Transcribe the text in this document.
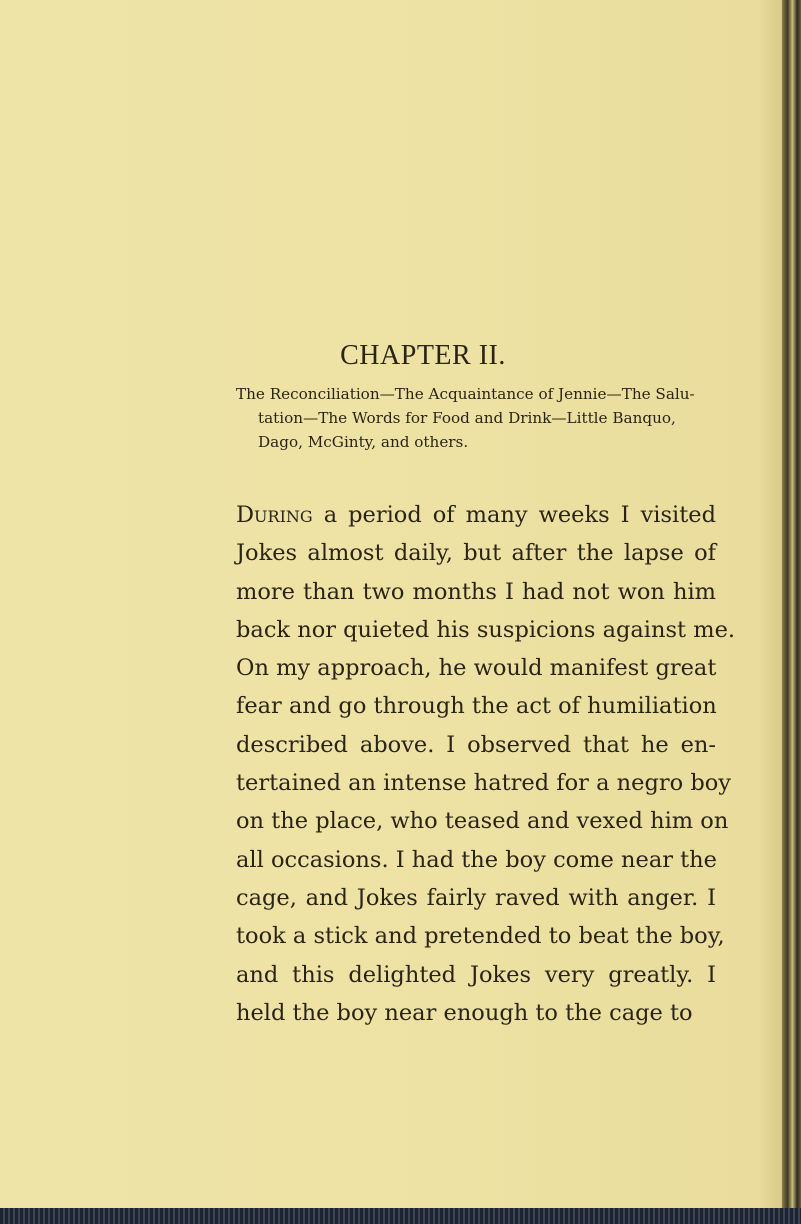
CHAPTER II.
The Reconciliation—The Acquaintance of Jennie—The Salu-
tation—The Words for Food and Drink—Little Banquo,
Dago, McGinty, and others.
During a period of many weeks I visited
Jokes almost daily, but after the lapse of
more than two months I had not won him
back nor quieted his suspicions against me.
On my approach, he would manifest great
fear and go through the act of humiliation
described above. I observed that he en-
tertained an intense hatred for a negro boy
on the place, who teased and vexed him on
all occasions. I had the boy come near the
cage, and Jokes fairly raved with anger. I
took a stick and pretended to beat the boy,
and this delighted Jokes very greatly. I
held the boy near enough to the cage to
